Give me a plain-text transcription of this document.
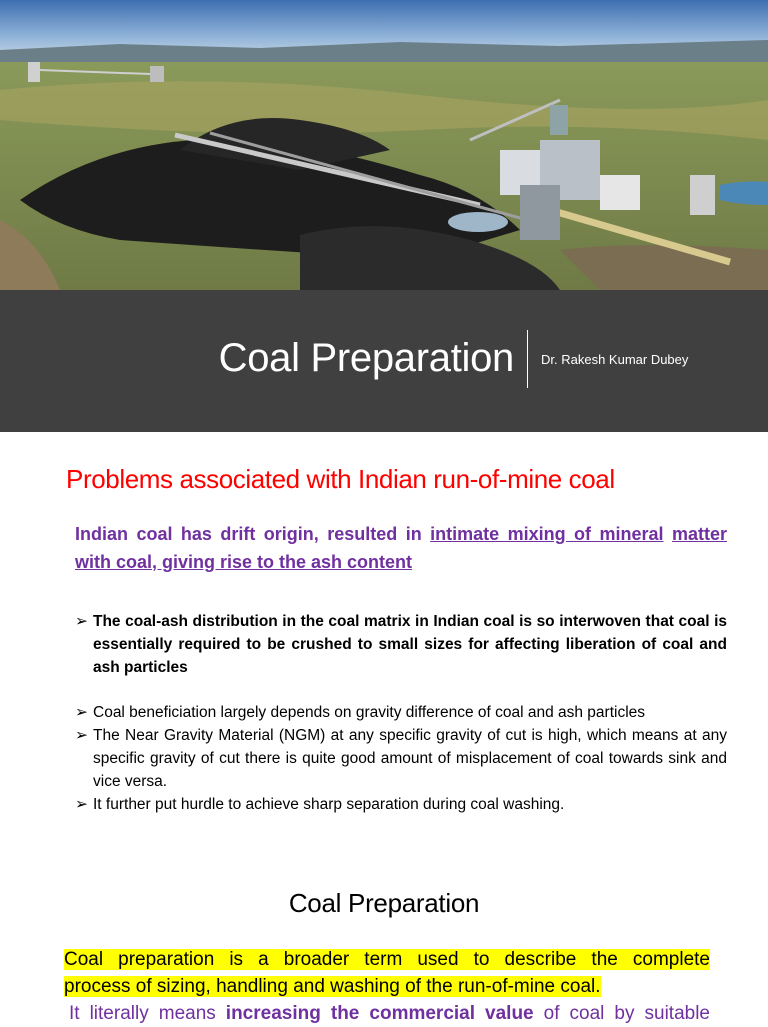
Coal Preparation Dr. Rakesh Kumar Dubey
Problems associated with Indian run-of-mine coal
Indian coal has drift origin, resulted in intimate mixing of mineral matter with coal, giving rise to the ash content

➢ The coal-ash distribution in the coal matrix in Indian coal is so interwoven that coal is essentially required to be crushed to small sizes for affecting liberation of coal and ash particles

➢ Coal beneficiation largely depends on gravity difference of coal and ash particles

➢ The Near Gravity Material (NGM) at any specific gravity of cut is high, which means at any specific gravity of cut there is quite good amount of misplacement of coal towards sink and vice versa.

➢ It further put hurdle to achieve sharp separation during coal washing.

Coal Preparation
Coal preparation is a broader term used to describe the complete
process of sizing, handling and washing of the run-of-mine coal.
It literally means increasing the commercial value of coal by suitable
